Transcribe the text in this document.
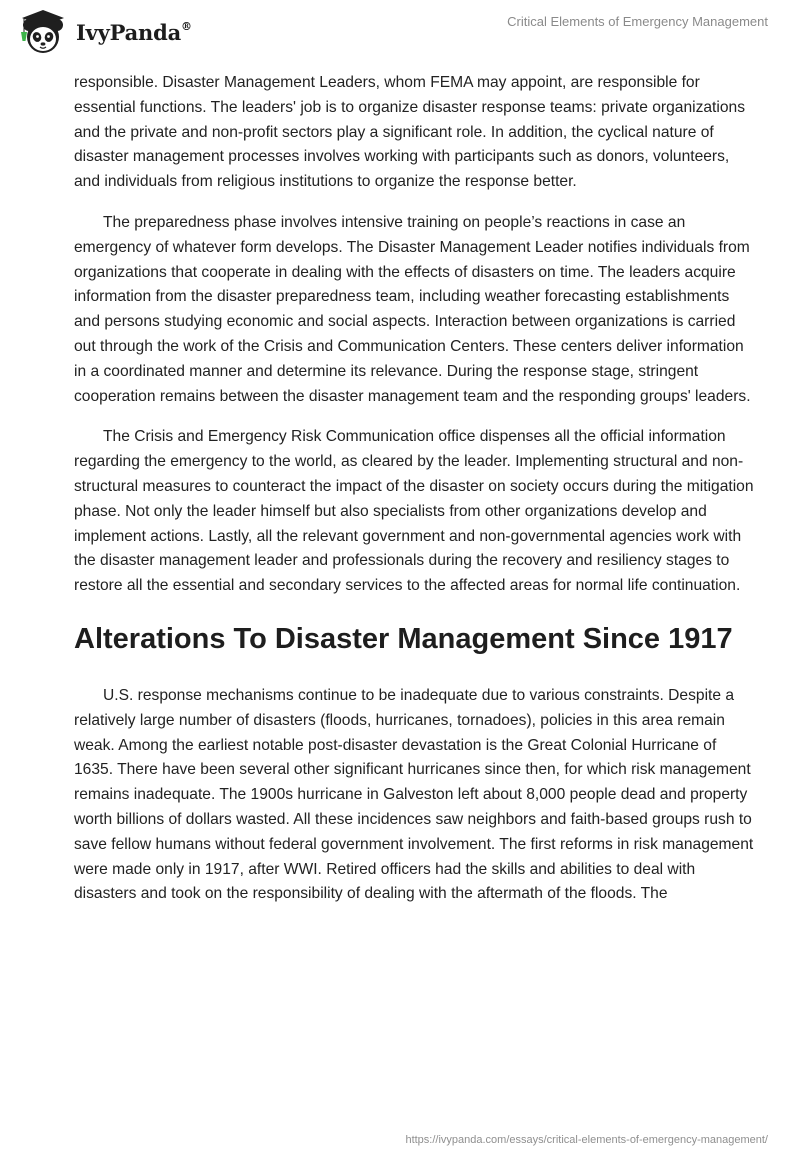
IvyPanda®	Critical Elements of Emergency Management

responsible. Disaster Management Leaders, whom FEMA may appoint, are responsible for essential functions. The leaders' job is to organize disaster response teams: private organizations and the private and non-profit sectors play a significant role. In addition, the cyclical nature of disaster management processes involves working with participants such as donors, volunteers, and individuals from religious institutions to organize the response better.

The preparedness phase involves intensive training on people’s reactions in case an emergency of whatever form develops. The Disaster Management Leader notifies individuals from organizations that cooperate in dealing with the effects of disasters on time. The leaders acquire information from the disaster preparedness team, including weather forecasting establishments and persons studying economic and social aspects. Interaction between organizations is carried out through the work of the Crisis and Communication Centers. These centers deliver information in a coordinated manner and determine its relevance. During the response stage, stringent cooperation remains between the disaster management team and the responding groups' leaders.

The Crisis and Emergency Risk Communication office dispenses all the official information regarding the emergency to the world, as cleared by the leader. Implementing structural and non-structural measures to counteract the impact of the disaster on society occurs during the mitigation phase. Not only the leader himself but also specialists from other organizations develop and implement actions. Lastly, all the relevant government and non-governmental agencies work with the disaster management leader and professionals during the recovery and resiliency stages to restore all the essential and secondary services to the affected areas for normal life continuation.

Alterations To Disaster Management Since 1917

U.S. response mechanisms continue to be inadequate due to various constraints. Despite a relatively large number of disasters (floods, hurricanes, tornadoes), policies in this area remain weak. Among the earliest notable post-disaster devastation is the Great Colonial Hurricane of 1635. There have been several other significant hurricanes since then, for which risk management remains inadequate. The 1900s hurricane in Galveston left about 8,000 people dead and property worth billions of dollars wasted. All these incidences saw neighbors and faith-based groups rush to save fellow humans without federal government involvement. The first reforms in risk management were made only in 1917, after WWI. Retired officers had the skills and abilities to deal with disasters and took on the responsibility of dealing with the aftermath of the floods. The

https://ivypanda.com/essays/critical-elements-of-emergency-management/
